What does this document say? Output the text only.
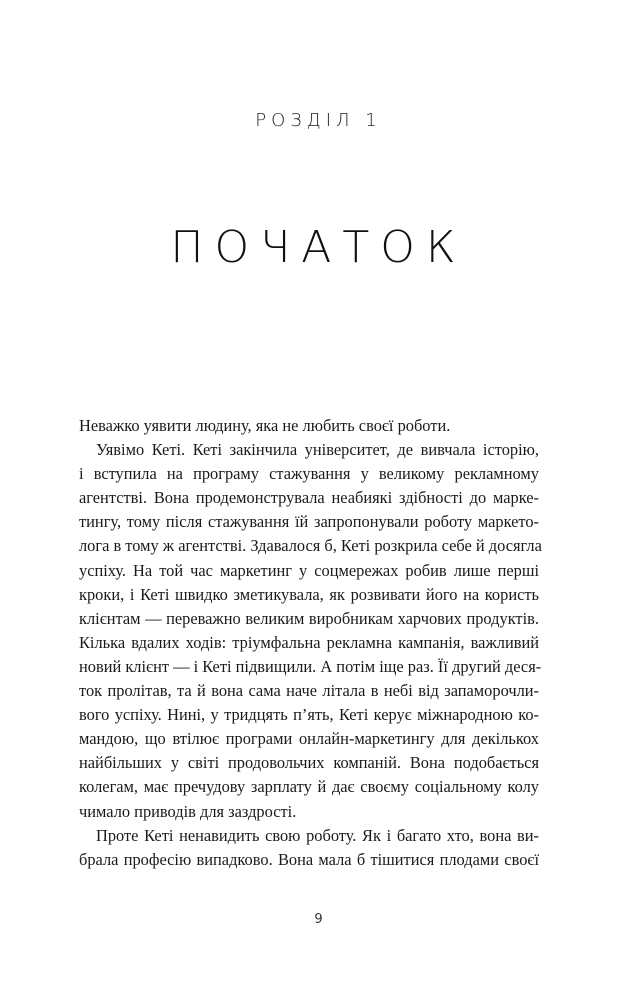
РОЗДІЛ 1
ПОЧАТОК
Неважко уявити людину, яка не любить своєї роботи.
Уявімо Кеті. Кеті закінчила університет, де вивчала історію,
і вступила на програму стажування у великому рекламному
агентстві. Вона продемонструвала неабиякі здібності до марке-
тингу, тому після стажування їй запропонували роботу маркето-
лога в тому ж агентстві. Здавалося б, Кеті розкрила себе й досягла
успіху. На той час маркетинг у соцмережах робив лише перші
кроки, і Кеті швидко зметикувала, як розвивати його на користь
клієнтам — переважно великим виробникам харчових продуктів.
Кілька вдалих ходів: тріумфальна рекламна кампанія, важливий
новий клієнт — і Кеті підвищили. А потім іще раз. Її другий деся-
ток пролітав, та й вона сама наче літала в небі від запаморочли-
вого успіху. Нині, у тридцять п’ять, Кеті керує міжнародною ко-
мандою, що втілює програми онлайн-маркетингу для декількох
найбільших у світі продовольчих компаній. Вона подобається
колегам, має пречудову зарплату й дає своєму соціальному колу
чимало приводів для заздрості.
Проте Кеті ненавидить свою роботу. Як і багато хто, вона ви-
брала професію випадково. Вона мала б тішитися плодами своєї
9
